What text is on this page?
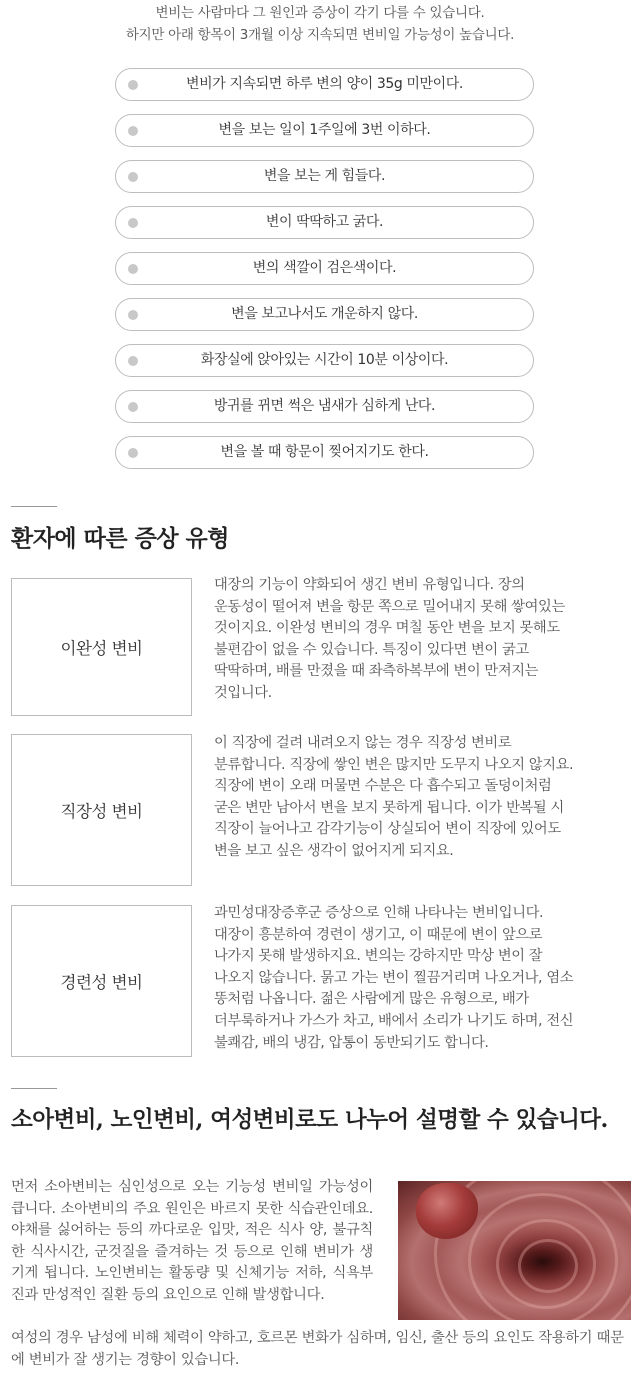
변비는 사람마다 그 원인과 증상이 각기 다를 수 있습니다.
하지만 아래 항목이 3개월 이상 지속되면 변비일 가능성이 높습니다.
변비가 지속되면 하루 변의 양이 35g 미만이다.
변을 보는 일이 1주일에 3번 이하다.
변을 보는 게 힘들다.
변이 딱딱하고 굵다.
변의 색깔이 검은색이다.
변을 보고나서도 개운하지 않다.
화장실에 앉아있는 시간이 10분 이상이다.
방귀를 뀌면 썩은 냄새가 심하게 난다.
변을 볼 때 항문이 찢어지기도 한다.
환자에 따른 증상 유형
이완성 변비
대장의 기능이 약화되어 생긴 변비 유형입니다. 장의
운동성이 떨어져 변을 항문 쪽으로 밀어내지 못해 쌓여있는
것이지요. 이완성 변비의 경우 며칠 동안 변을 보지 못해도
불편감이 없을 수 있습니다. 특징이 있다면 변이 굵고
딱딱하며, 배를 만졌을 때 좌측하복부에 변이 만져지는
것입니다.
직장성 변비
이 직장에 걸려 내려오지 않는 경우 직장성 변비로
분류합니다. 직장에 쌓인 변은 많지만 도무지 나오지 않지요.
직장에 변이 오래 머물면 수분은 다 흡수되고 돌덩이처럼
굳은 변만 남아서 변을 보지 못하게 됩니다. 이가 반복될 시
직장이 늘어나고 감각기능이 상실되어 변이 직장에 있어도
변을 보고 싶은 생각이 없어지게 되지요.
경련성 변비
과민성대장증후군 증상으로 인해 나타나는 변비입니다.
대장이 흥분하여 경련이 생기고, 이 때문에 변이 앞으로
나가지 못해 발생하지요. 변의는 강하지만 막상 변이 잘
나오지 않습니다. 묽고 가는 변이 찔끔거리며 나오거나, 염소
똥처럼 나옵니다. 젊은 사람에게 많은 유형으로, 배가
더부룩하거나 가스가 차고, 배에서 소리가 나기도 하며, 전신
불쾌감, 배의 냉감, 압통이 동반되기도 합니다.
소아변비, 노인변비, 여성변비로도 나누어 설명할 수 있습니다.

먼저 소아변비는 심인성으로 오는 기능성 변비일 가능성이 큽니다. 소아변비의 주요 원인은 바르지 못한 식습관인데요. 야채를 싫어하는 등의 까다로운 입맛, 적은 식사 양, 불규칙한 식사시간, 군것질을 즐겨하는 것 등으로 인해 변비가 생기게 됩니다. 노인변비는 활동량 및 신체기능 저하, 식욕부진과 만성적인 질환 등의 요인으로 인해 발생합니다.

여성의 경우 남성에 비해 체력이 약하고, 호르몬 변화가 심하며, 임신, 출산 등의 요인도 작용하기 때문에 변비가 잘 생기는 경향이 있습니다.
